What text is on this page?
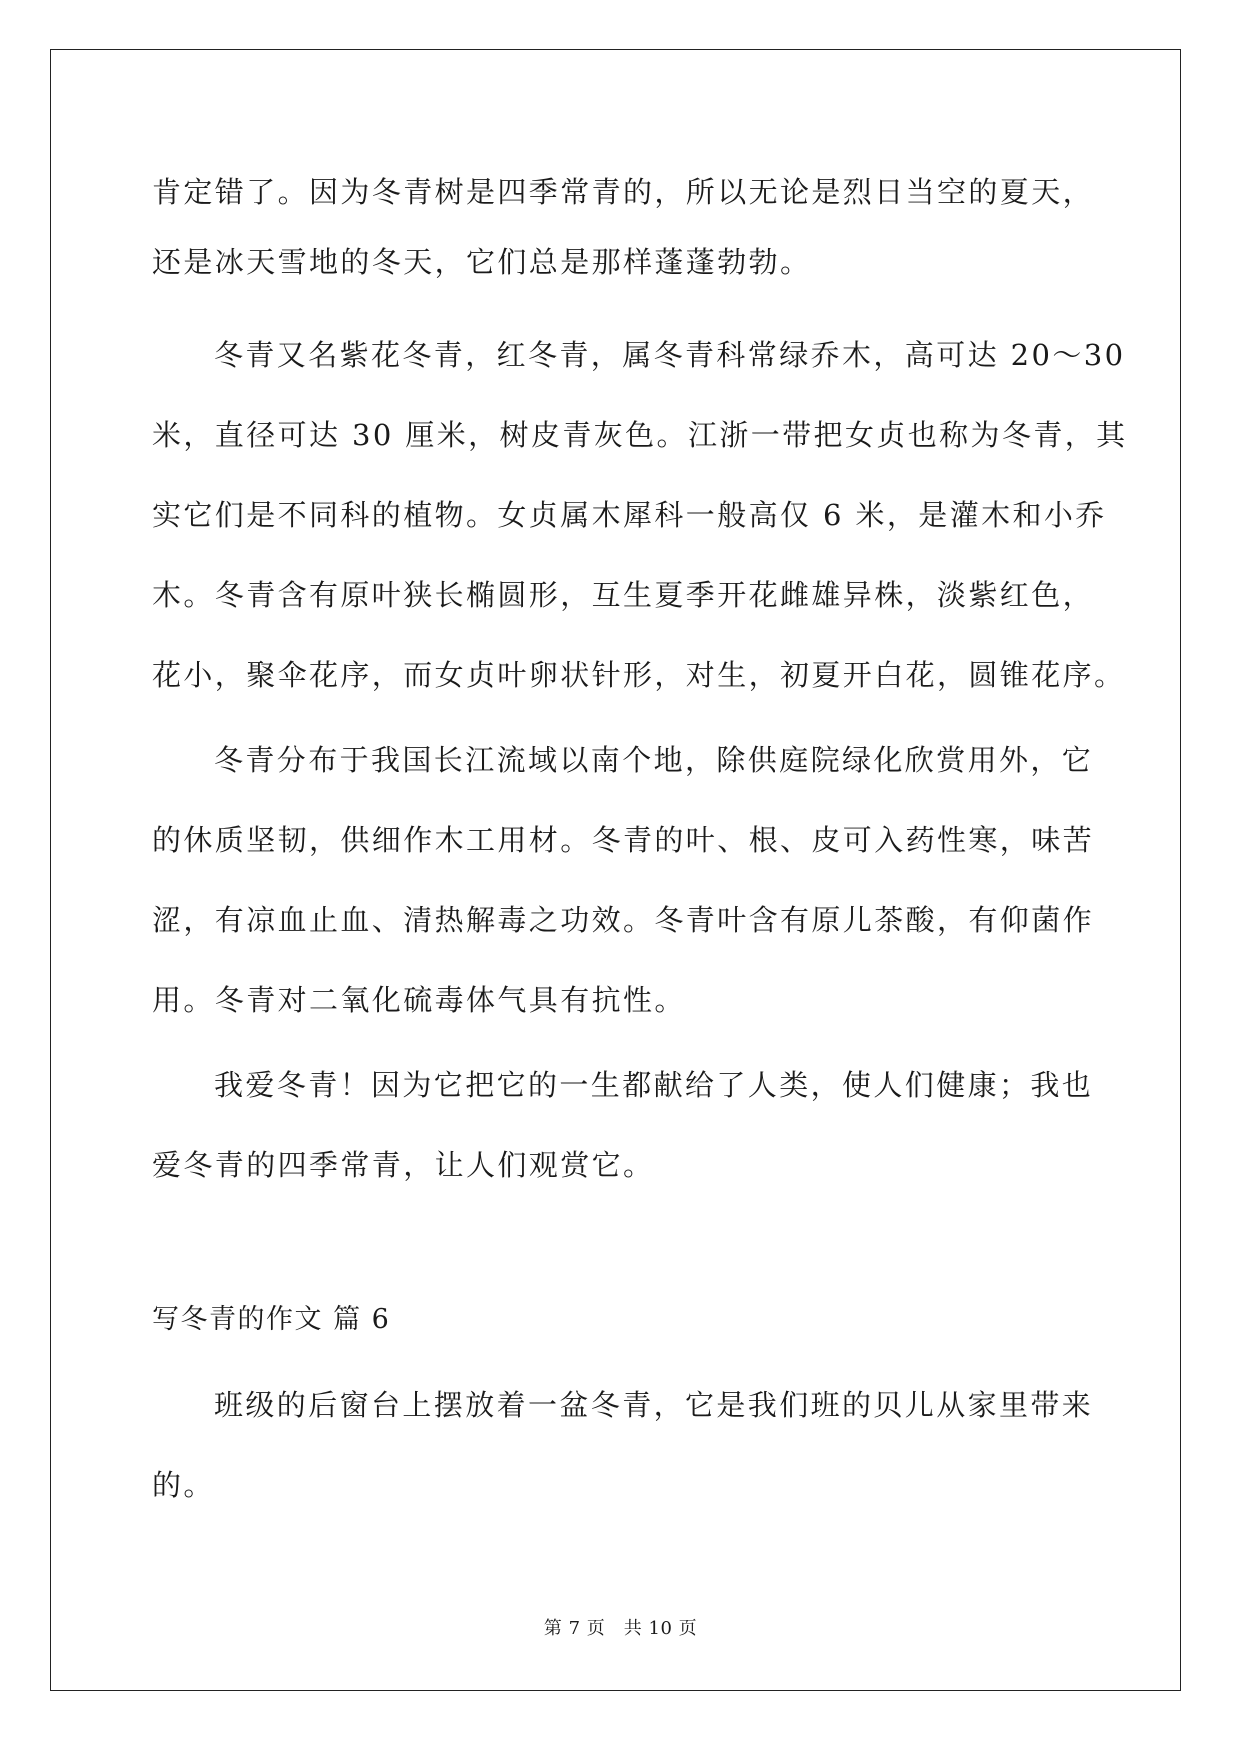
肯定错了。因为冬青树是四季常青的，所以无论是烈日当空的夏天，
还是冰天雪地的冬天，它们总是那样蓬蓬勃勃。
冬青又名紫花冬青，红冬青，属冬青科常绿乔木，高可达 20～30
米，直径可达 30 厘米，树皮青灰色。江浙一带把女贞也称为冬青，其
实它们是不同科的植物。女贞属木犀科一般高仅 6 米，是灌木和小乔
木。冬青含有原叶狭长椭圆形，互生夏季开花雌雄异株，淡紫红色，
花小，聚伞花序，而女贞叶卵状针形，对生，初夏开白花，圆锥花序。
冬青分布于我国长江流域以南个地，除供庭院绿化欣赏用外，它
的休质坚韧，供细作木工用材。冬青的叶、根、皮可入药性寒，味苦
涩，有凉血止血、清热解毒之功效。冬青叶含有原儿茶酸，有仰菌作
用。冬青对二氧化硫毒体气具有抗性。
我爱冬青！因为它把它的一生都献给了人类，使人们健康；我也
爱冬青的四季常青，让人们观赏它。
写冬青的作文 篇 6
班级的后窗台上摆放着一盆冬青，它是我们班的贝儿从家里带来
的。
第 7 页　共 10 页
